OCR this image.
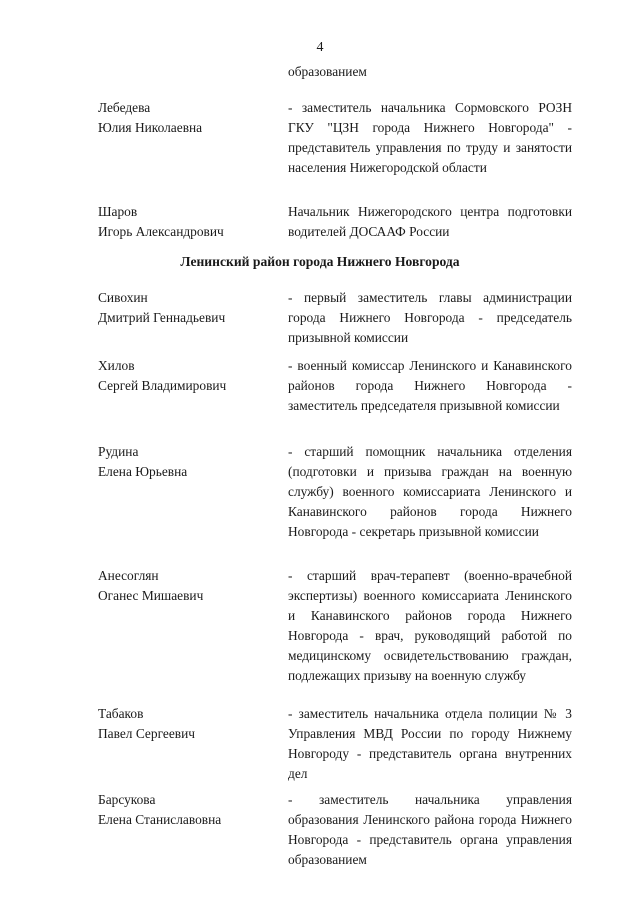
4
образованием
Лебедева
Юлия Николаевна
- заместитель начальника Сормовского РОЗН ГКУ "ЦЗН города Нижнего Новгорода" - представитель управления по труду и занятости населения Нижегородской области
Шаров
Игорь Александрович
Начальник Нижегородского центра подготовки водителей ДОСААФ России
Ленинский район города Нижнего Новгорода
Сивохин
Дмитрий Геннадьевич
- первый заместитель главы администрации города Нижнего Новгорода - председатель призывной комиссии
Хилов
Сергей Владимирович
- военный комиссар Ленинского и Канавинского районов города Нижнего Новгорода - заместитель председателя призывной комиссии
Рудина
Елена Юрьевна
- старший помощник начальника отделения (подготовки и призыва граждан на военную службу) военного комиссариата Ленинского и Канавинского районов города Нижнего Новгорода - секретарь призывной комиссии
Анесоглян
Оганес Мишаевич
- старший врач-терапевт (военно-врачебной экспертизы) военного комиссариата Ленинского и Канавинского районов города Нижнего Новгорода - врач, руководящий работой по медицинскому освидетельствованию граждан, подлежащих призыву на военную службу
Табаков
Павел Сергеевич
- заместитель начальника отдела полиции № 3 Управления МВД России по городу Нижнему Новгороду - представитель органа внутренних дел
Барсукова
Елена Станиславовна
- заместитель начальника управления образования Ленинского района города Нижнего Новгорода - представитель органа управления образованием
